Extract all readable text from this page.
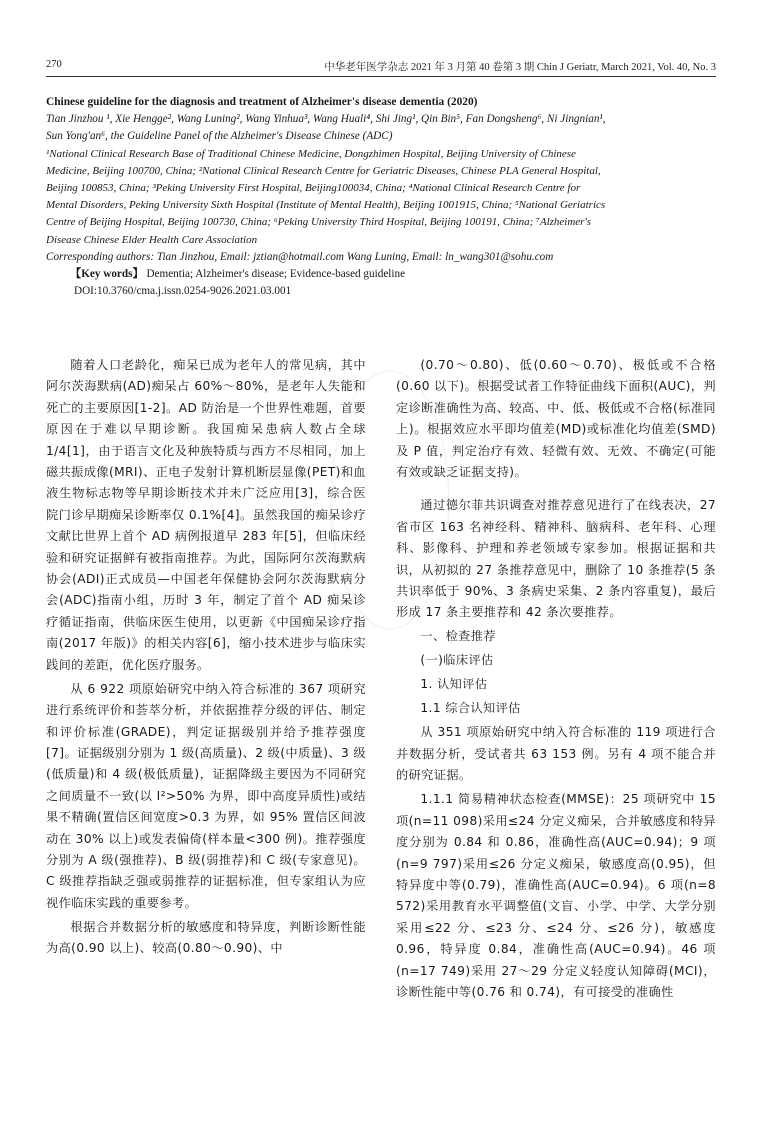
270	中华老年医学杂志 2021 年 3 月第 40 卷第 3 期 Chin J Geriatr, March 2021, Vol. 40, No. 3
Chinese guideline for the diagnosis and treatment of Alzheimer's disease dementia (2020)
Tian Jinzhou ¹, Xie Hengge², Wang Luning², Wang Yinhua³, Wang Huali⁴, Shi Jing¹, Qin Bin⁵, Fan Dongsheng⁶, Ni Jingnian¹, Sun Yong'an⁶, the Guideline Panel of the Alzheimer's Disease Chinese (ADC)
¹National Clinical Research Base of Traditional Chinese Medicine, Dongzhimen Hospital, Beijing University of Chinese Medicine, Beijing 100700, China; ²National Clinical Research Centre for Geriatric Diseases, Chinese PLA General Hospital, Beijing 100853, China; ³Peking University First Hospital, Beijing100034, China; ⁴National Clinical Research Centre for Mental Disorders, Peking University Sixth Hospital (Institute of Mental Health), Beijing 1001915, China; ⁵National Geriatrics Centre of Beijing Hospital, Beijing 100730, China; ⁶Peking University Third Hospital, Beijing 100191, China; ⁷Alzheimer's Disease Chinese Elder Health Care Association
Corresponding authors: Tian Jinzhou, Email: jztian@hotmail.com Wang Luning, Email: ln_wang301@sohu.com
【Key words】 Dementia; Alzheimer's disease; Evidence-based guideline
DOI:10.3760/cma.j.issn.0254-9026.2021.03.001

随着人口老龄化，痴呆已成为老年人的常见病，其中阿尔茨海默病(AD)痴呆占 60%～80%，是老年人失能和死亡的主要原因[1-2]。AD 防治是一个世界性难题，首要原因在于难以早期诊断。我国痴呆患病人数占全球 1/4[1]，由于语言文化及种族特质与西方不尽相同，加上磁共振成像(MRI)、正电子发射计算机断层显像(PET)和血液生物标志物等早期诊断技术并未广泛应用[3]，综合医院门诊早期痴呆诊断率仅 0.1%[4]。虽然我国的痴呆诊疗文献比世界上首个 AD 病例报道早 283 年[5]，但临床经验和研究证据鲜有被指南推荐。为此，国际阿尔茨海默病协会(ADI)正式成员—中国老年保健协会阿尔茨海默病分会(ADC)指南小组，历时 3 年，制定了首个 AD 痴呆诊疗循证指南，供临床医生使用，以更新《中国痴呆诊疗指南(2017 年版)》的相关内容[6]，缩小技术进步与临床实践间的差距，优化医疗服务。

从 6 922 项原始研究中纳入符合标准的 367 项研究进行系统评价和荟萃分析，并依据推荐分级的评估、制定和评价标准(GRADE)，判定证据级别并给予推荐强度[7]。证据级别分别为 1 级(高质量)、2 级(中质量)、3 级(低质量)和 4 级(极低质量)，证据降级主要因为不同研究之间质量不一致(以 I²>50% 为界，即中高度异质性)或结果不精确(置信区间宽度>0.3 为界，如 95% 置信区间波动在 30% 以上)或发表偏倚(样本量<300 例)。推荐强度分别为 A 级(强推荐)、B 级(弱推荐)和 C 级(专家意见)。C 级推荐指缺乏强或弱推荐的证据标准，但专家组认为应视作临床实践的重要参考。

根据合并数据分析的敏感度和特异度，判断诊断性能为高(0.90 以上)、较高(0.80～0.90)、中

(0.70～0.80)、低(0.60～0.70)、极低或不合格(0.60 以下)。根据受试者工作特征曲线下面积(AUC)，判定诊断准确性为高、较高、中、低、极低或不合格(标准同上)。根据效应水平即均值差(MD)或标准化均值差(SMD)及 P 值，判定治疗有效、轻微有效、无效、不确定(可能有效或缺乏证据支持)。

通过德尔菲共识调查对推荐意见进行了在线表决，27 省市区 163 名神经科、精神科、脑病科、老年科、心理科、影像科、护理和养老领域专家参加。根据证据和共识，从初拟的 27 条推荐意见中，删除了 10 条推荐(5 条共识率低于 90%、3 条病史采集、2 条内容重复)，最后形成 17 条主要推荐和 42 条次要推荐。

一、检查推荐

(一)临床评估

1. 认知评估

1.1 综合认知评估

从 351 项原始研究中纳入符合标准的 119 项进行合并数据分析，受试者共 63 153 例。另有 4 项不能合并的研究证据。

1.1.1 简易精神状态检查(MMSE)：25 项研究中 15 项(n=11 098)采用≤24 分定义痴呆，合并敏感度和特异度分别为 0.84 和 0.86，准确性高(AUC=0.94)；9 项(n=9 797)采用≤26 分定义痴呆，敏感度高(0.95)，但特异度中等(0.79)，准确性高(AUC=0.94)。6 项(n=8 572)采用教育水平调整值(文盲、小学、中学、大学分别采用≤22 分、≤23 分、≤24 分、≤26 分)，敏感度 0.96，特异度 0.84，准确性高(AUC=0.94)。46 项(n=17 749)采用 27～29 分定义轻度认知障碍(MCI)，诊断性能中等(0.76 和 0.74)，有可接受的准确性
